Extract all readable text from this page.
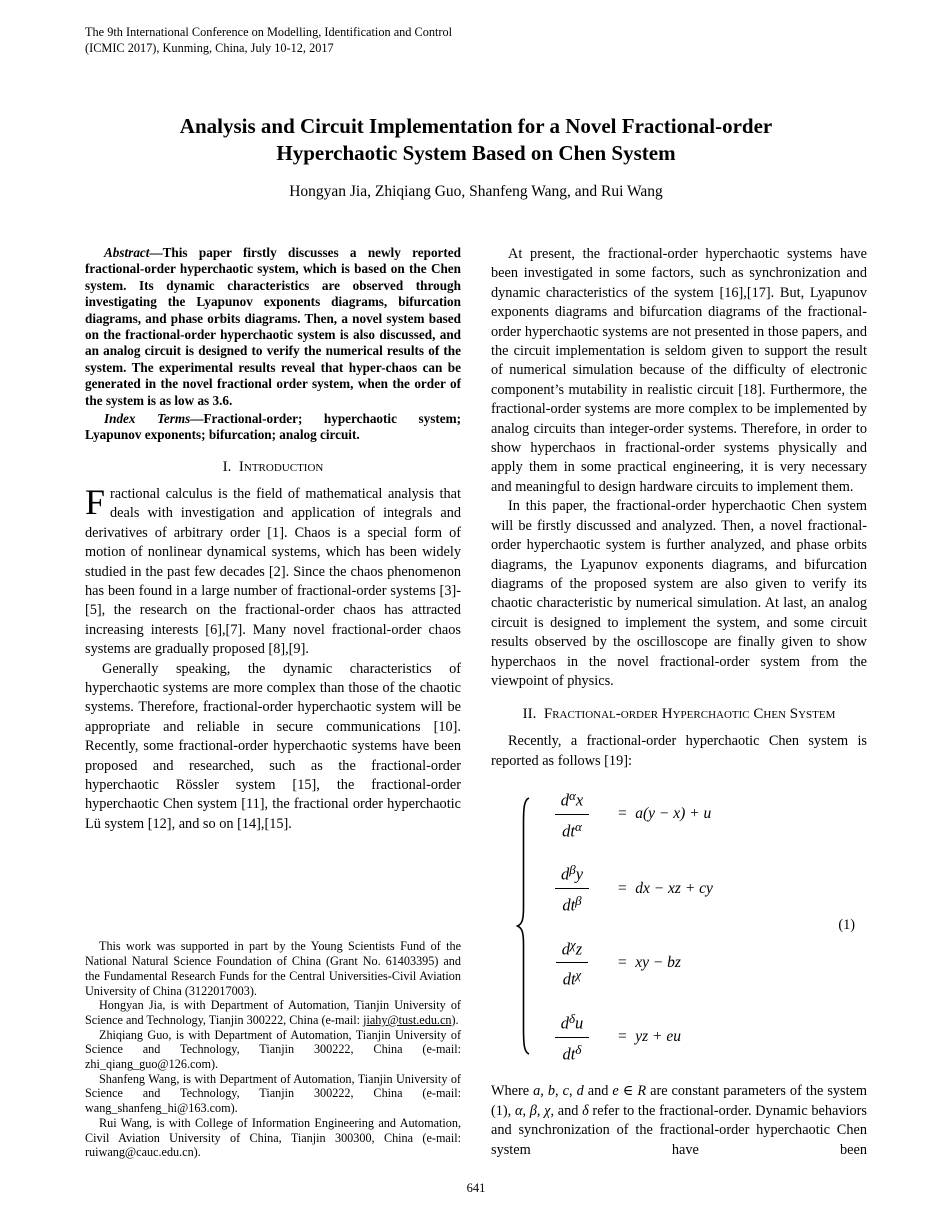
The 9th International Conference on Modelling, Identification and Control
(ICMIC 2017), Kunming, China, July 10-12, 2017
Analysis and Circuit Implementation for a Novel Fractional-order
Hyperchaotic System Based on Chen System
Hongyan Jia, Zhiqiang Guo, Shanfeng Wang, and Rui Wang

Abstract—This paper firstly discusses a newly reported fractional-order hyperchaotic system, which is based on the Chen system. Its dynamic characteristics are observed through investigating the Lyapunov exponents diagrams, bifurcation diagrams, and phase orbits diagrams. Then, a novel system based on the fractional-order hyperchaotic system is also discussed, and an analog circuit is designed to verify the numerical results of the system. The experimental results reveal that hyper-chaos can be generated in the novel fractional order system, when the order of the system is as low as 3.6.

Index Terms—Fractional-order; hyperchaotic system; Lyapunov exponents; bifurcation; analog circuit.

I. Introduction

Fractional calculus is the field of mathematical analysis that deals with investigation and application of integrals and derivatives of arbitrary order [1]. Chaos is a special form of motion of nonlinear dynamical systems, which has been widely studied in the past few decades [2]. Since the chaos phenomenon has been found in a large number of fractional-order systems [3]-[5], the research on the fractional-order chaos has attracted increasing interests [6],[7]. Many novel fractional-order chaos systems are gradually proposed [8],[9].

Generally speaking, the dynamic characteristics of hyperchaotic systems are more complex than those of the chaotic systems. Therefore, fractional-order hyperchaotic system will be appropriate and reliable in secure communications [10]. Recently, some fractional-order hyperchaotic systems have been proposed and researched, such as the fractional-order hyperchaotic Rössler system [15], the fractional-order hyperchaotic Chen system [11], the fractional order hyperchaotic Lü system [12], and so on [14],[15].

This work was supported in part by the Young Scientists Fund of the National Natural Science Foundation of China (Grant No. 61403395) and the Fundamental Research Funds for the Central Universities-Civil Aviation University of China (3122017003).

Hongyan Jia, is with Department of Automation, Tianjin University of Science and Technology, Tianjin 300222, China (e-mail: jiahy@tust.edu.cn).

Zhiqiang Guo, is with Department of Automation, Tianjin University of Science and Technology, Tianjin 300222, China (e-mail: zhi_qiang_guo@126.com).

Shanfeng Wang, is with Department of Automation, Tianjin University of Science and Technology, Tianjin 300222, China (e-mail: wang_shanfeng_hi@163.com).

Rui Wang, is with College of Information Engineering and Automation, Civil Aviation University of China, Tianjin 300300, China (e-mail: ruiwang@cauc.edu.cn).

At present, the fractional-order hyperchaotic systems have been investigated in some factors, such as synchronization and dynamic characteristics of the system [16],[17]. But, Lyapunov exponents diagrams and bifurcation diagrams of the fractional-order hyperchaotic systems are not presented in those papers, and the circuit implementation is seldom given to support the result of numerical simulation because of the difficulty of electronic component’s mutability in realistic circuit [18]. Furthermore, the fractional-order systems are more complex to be implemented by analog circuits than integer-order systems. Therefore, in order to show hyperchaos in fractional-order systems physically and apply them in some practical engineering, it is very necessary and meaningful to design hardware circuits to implement them.

In this paper, the fractional-order hyperchaotic Chen system will be firstly discussed and analyzed. Then, a novel fractional-order hyperchaotic system is further analyzed, and phase orbits diagrams, the Lyapunov exponents diagrams, and bifurcation diagrams of the proposed system are also given to verify its chaotic characteristic by numerical simulation. At last, an analog circuit is designed to implement the system, and some circuit results observed by the oscilloscope are finally given to show hyperchaos in the novel fractional-order system from the viewpoint of physics.

II. Fractional-order Hyperchaotic Chen System

Recently, a fractional-order hyperchaotic Chen system is reported as follows [19]:

$\frac{d^\alpha x}{dt^\alpha} = a(y - x) + u$
$\frac{d^\beta y}{dt^\beta}$ =  dx − xz + cy
$\frac{d^\chi z}{dt^\chi}$ =  xy − bz
$\frac{d^\delta u}{dt^\delta}$ =  yz + eu
(1)

Where a, b, c, d and e ∈ R are constant parameters of the system (1), α, β, χ, and δ refer to the fractional-order. Dynamic behaviors and synchronization of the fractional-order hyperchaotic Chen system have been

641
